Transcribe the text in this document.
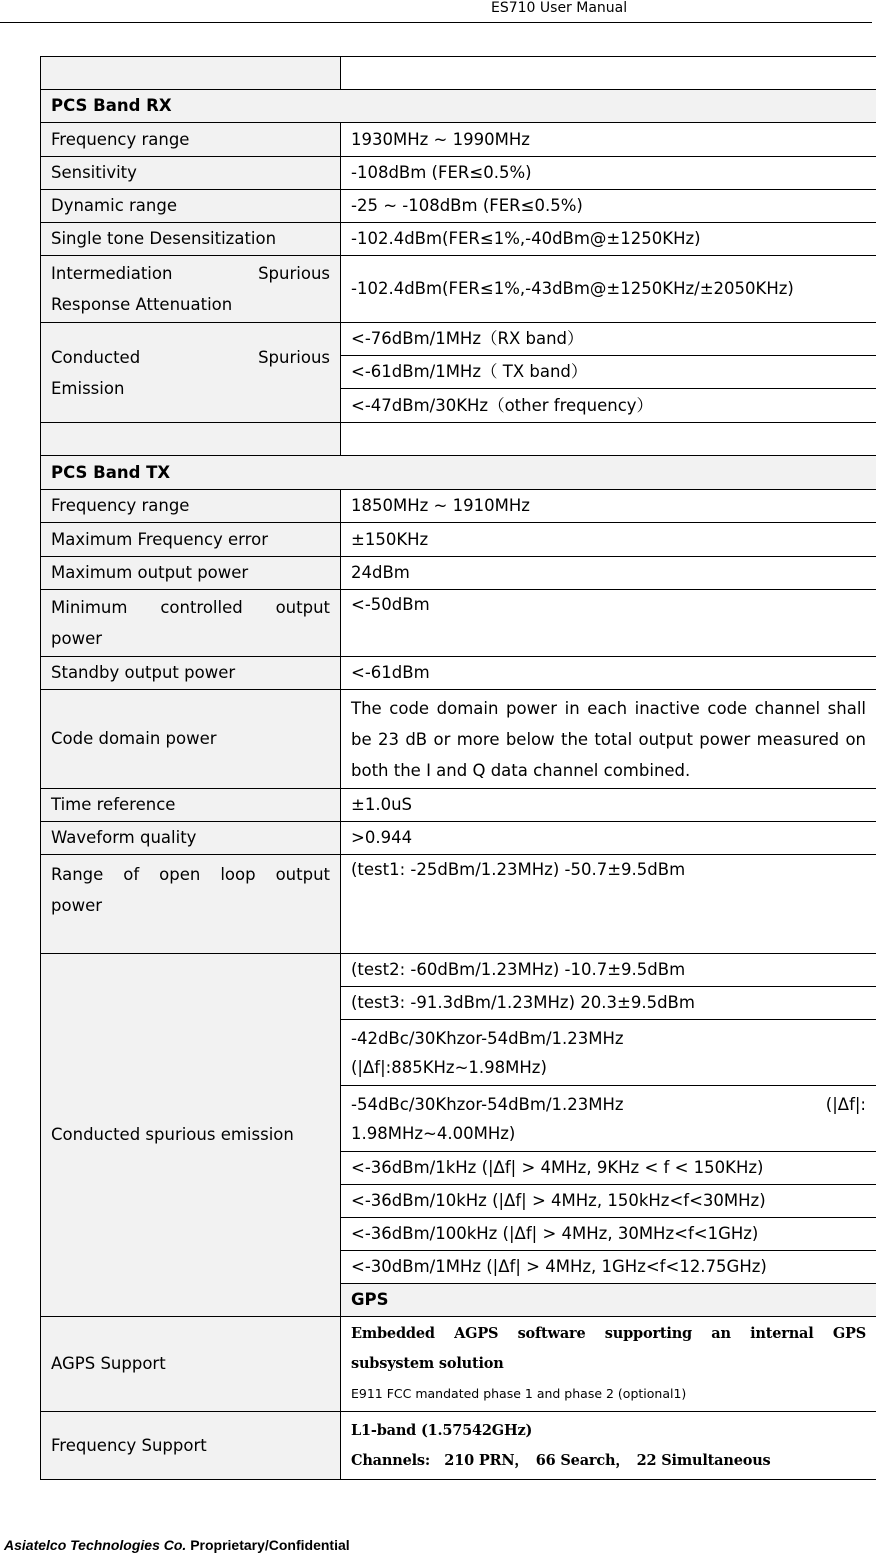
ES710 User Manual

PCS Band RX	
Frequency range	1930MHz ~ 1990MHz
Sensitivity	-108dBm (FER≤0.5%)
Dynamic range	-25 ~ -108dBm (FER≤0.5%)
Single tone Desensitization	-102.4dBm(FER≤1%,-40dBm@±1250KHz)

Intermediation Spurious
Response Attenuation	-102.4dBm(FER≤1%,-43dBm@±1250KHz/±2050KHz)

Conducted Spurious
Emission	<-76dBm/1MHz（RX band）
	<-61dBm/1MHz（ TX band）
	<-47dBm/30KHz（other frequency）

PCS Band TX	
Frequency range	1850MHz ~ 1910MHz
Maximum Frequency error	±150KHz
Maximum output power	24dBm

Minimum controlled output
power	<-50dBm
Standby output power	<-61dBm
Code domain power	The code domain power in each inactive code channel shall be 23 dB or more below the total output power measured on both the I and Q data channel combined.
Time reference	±1.0uS
Waveform quality	>0.944

Range of open loop output
power	(test1: -25dBm/1.23MHz) -50.7±9.5dBm
Conducted spurious emission	(test2: -60dBm/1.23MHz) -10.7±9.5dBm
	(test3: -91.3dBm/1.23MHz) 20.3±9.5dBm

	-42dBc/30Khzor-54dBm/1.23MHz
(|Δf|:885KHz~1.98MHz)

	-54dBc/30Khzor-54dBm/1.23MHz (|Δf|:
1.98MHz~4.00MHz)

	<-36dBm/1kHz (|Δf| > 4MHz, 9KHz < f < 150KHz)
	<-36dBm/10kHz (|Δf| > 4MHz, 150kHz<f<30MHz)
	<-36dBm/100kHz (|Δf| > 4MHz, 30MHz<f<1GHz)
	<-30dBm/1MHz (|Δf| > 4MHz, 1GHz<f<12.75GHz)
	GPS
AGPS Support	Embedded AGPS software supporting an internal GPS subsystem solution
E911 FCC mandated phase 1 and phase 2 (optional1)

Frequency Support	L1-band (1.57542GHz)
Channels:　210 PRN，　66 Search，　22 Simultaneous
Asiatelco Technologies Co. Proprietary/Confidential
